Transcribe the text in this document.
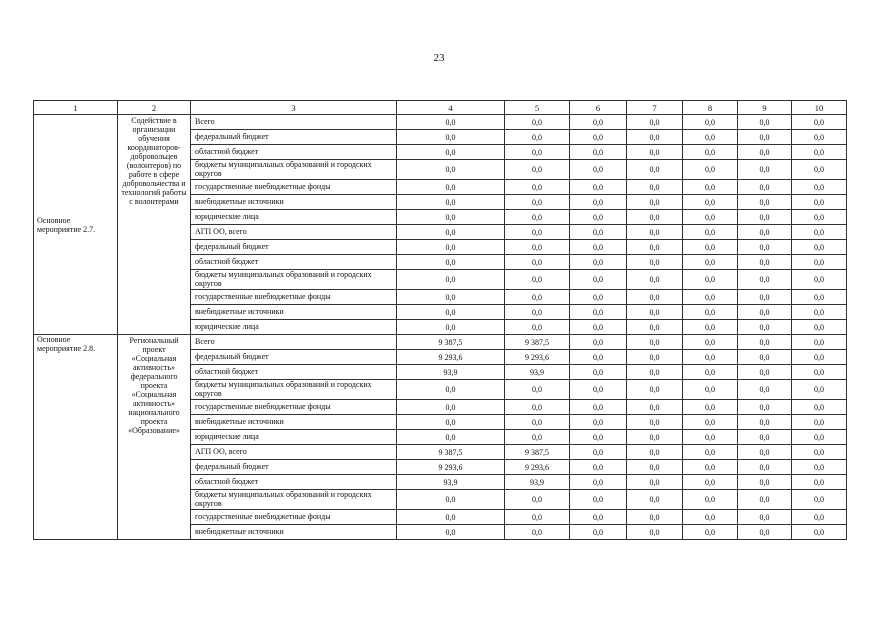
23
1	2	3	4	5	6	7	8	9	10
Основное мероприятие 2.7.	Содействие в организации обучения координаторов-добровольцев (волонтеров) по работе в сфере добровольчества и технологий работы с волонтерами	Всего	0,0	0,0	0,0	0,0	0,0	0,0	0,0
		федеральный бюджет	0,0	0,0	0,0	0,0	0,0	0,0	0,0
		областной бюджет	0,0	0,0	0,0	0,0	0,0	0,0	0,0
		бюджеты муниципальных образований и городских округов	0,0	0,0	0,0	0,0	0,0	0,0	0,0
		государственные внебюджетные фонды	0,0	0,0	0,0	0,0	0,0	0,0	0,0
		внебюджетные источники	0,0	0,0	0,0	0,0	0,0	0,0	0,0
		юридические лица	0,0	0,0	0,0	0,0	0,0	0,0	0,0
		АГП ОО, всего	0,0	0,0	0,0	0,0	0,0	0,0	0,0
		федеральный бюджет	0,0	0,0	0,0	0,0	0,0	0,0	0,0
		областной бюджет	0,0	0,0	0,0	0,0	0,0	0,0	0,0
		бюджеты муниципальных образований и городских округов	0,0	0,0	0,0	0,0	0,0	0,0	0,0
		государственные внебюджетные фонды	0,0	0,0	0,0	0,0	0,0	0,0	0,0
		внебюджетные источники	0,0	0,0	0,0	0,0	0,0	0,0	0,0
		юридические лица	0,0	0,0	0,0	0,0	0,0	0,0	0,0
Основное мероприятие 2.8.	Региональный проект «Социальная активность» федерального проекта «Социальная активность» национального проекта «Образование»	Всего	9 387,5	9 387,5	0,0	0,0	0,0	0,0	0,0
		федеральный бюджет	9 293,6	9 293,6	0,0	0,0	0,0	0,0	0,0
		областной бюджет	93,9	93,9	0,0	0,0	0,0	0,0	0,0
		бюджеты муниципальных образований и городских округов	0,0	0,0	0,0	0,0	0,0	0,0	0,0
		государственные внебюджетные фонды	0,0	0,0	0,0	0,0	0,0	0,0	0,0
		внебюджетные источники	0,0	0,0	0,0	0,0	0,0	0,0	0,0
		юридические лица	0,0	0,0	0,0	0,0	0,0	0,0	0,0
		АГП ОО, всего	9 387,5	9 387,5	0,0	0,0	0,0	0,0	0,0
		федеральный бюджет	9 293,6	9 293,6	0,0	0,0	0,0	0,0	0,0
		областной бюджет	93,9	93,9	0,0	0,0	0,0	0,0	0,0
		бюджеты муниципальных образований и городских округов	0,0	0,0	0,0	0,0	0,0	0,0	0,0
		государственные внебюджетные фонды	0,0	0,0	0,0	0,0	0,0	0,0	0,0
		внебюджетные источники	0,0	0,0	0,0	0,0	0,0	0,0	0,0
